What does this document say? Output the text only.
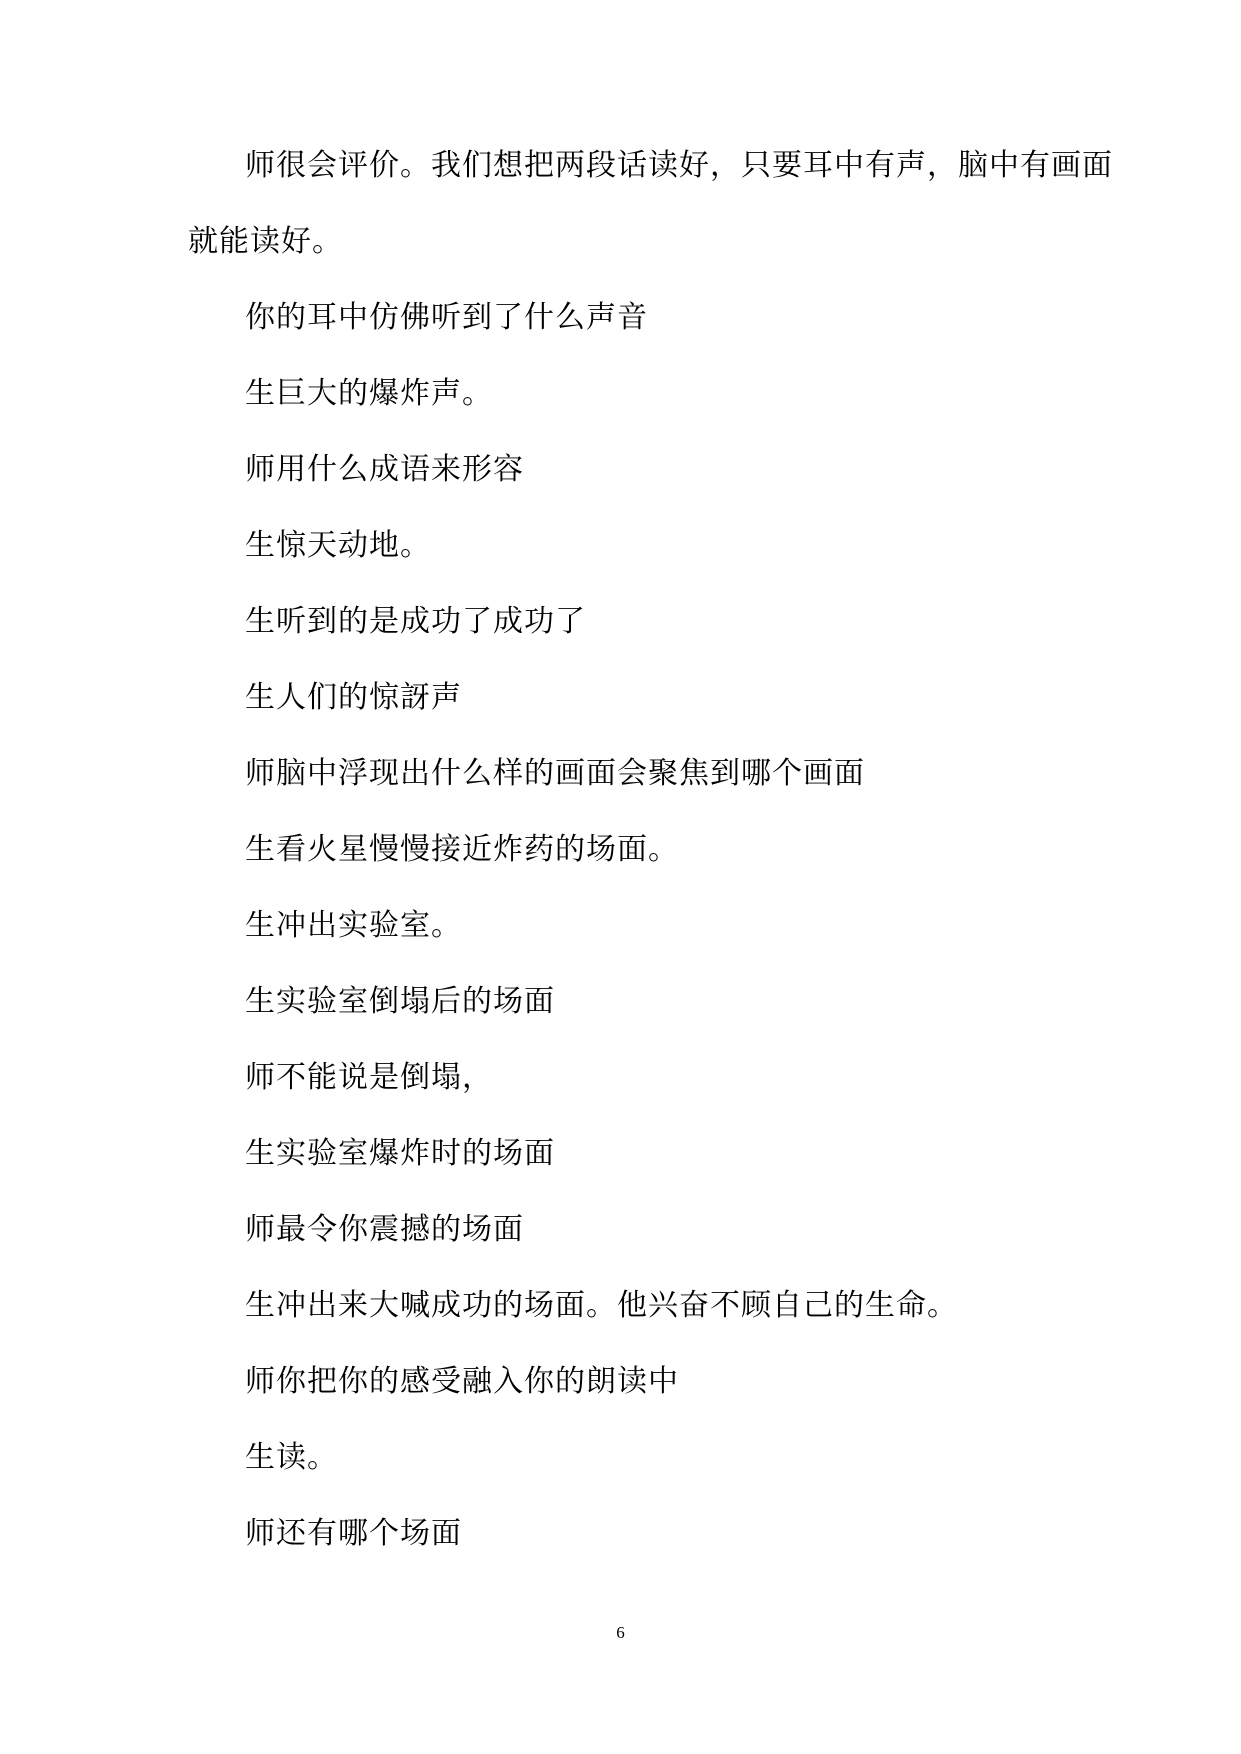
师很会评价。我们想把两段话读好，只要耳中有声，脑中有画面

就能读好。

你的耳中仿佛听到了什么声音

生巨大的爆炸声。

师用什么成语来形容

生惊天动地。

生听到的是成功了成功了

生人们的惊訝声

师脑中浮现出什么样的画面会聚焦到哪个画面

生看火星慢慢接近炸药的场面。

生冲出实验室。

生实验室倒塌后的场面

师不能说是倒塌，

生实验室爆炸时的场面

师最令你震撼的场面

生冲出来大喊成功的场面。他兴奋不顾自己的生命。

师你把你的感受融入你的朗读中

生读。

师还有哪个场面

6
